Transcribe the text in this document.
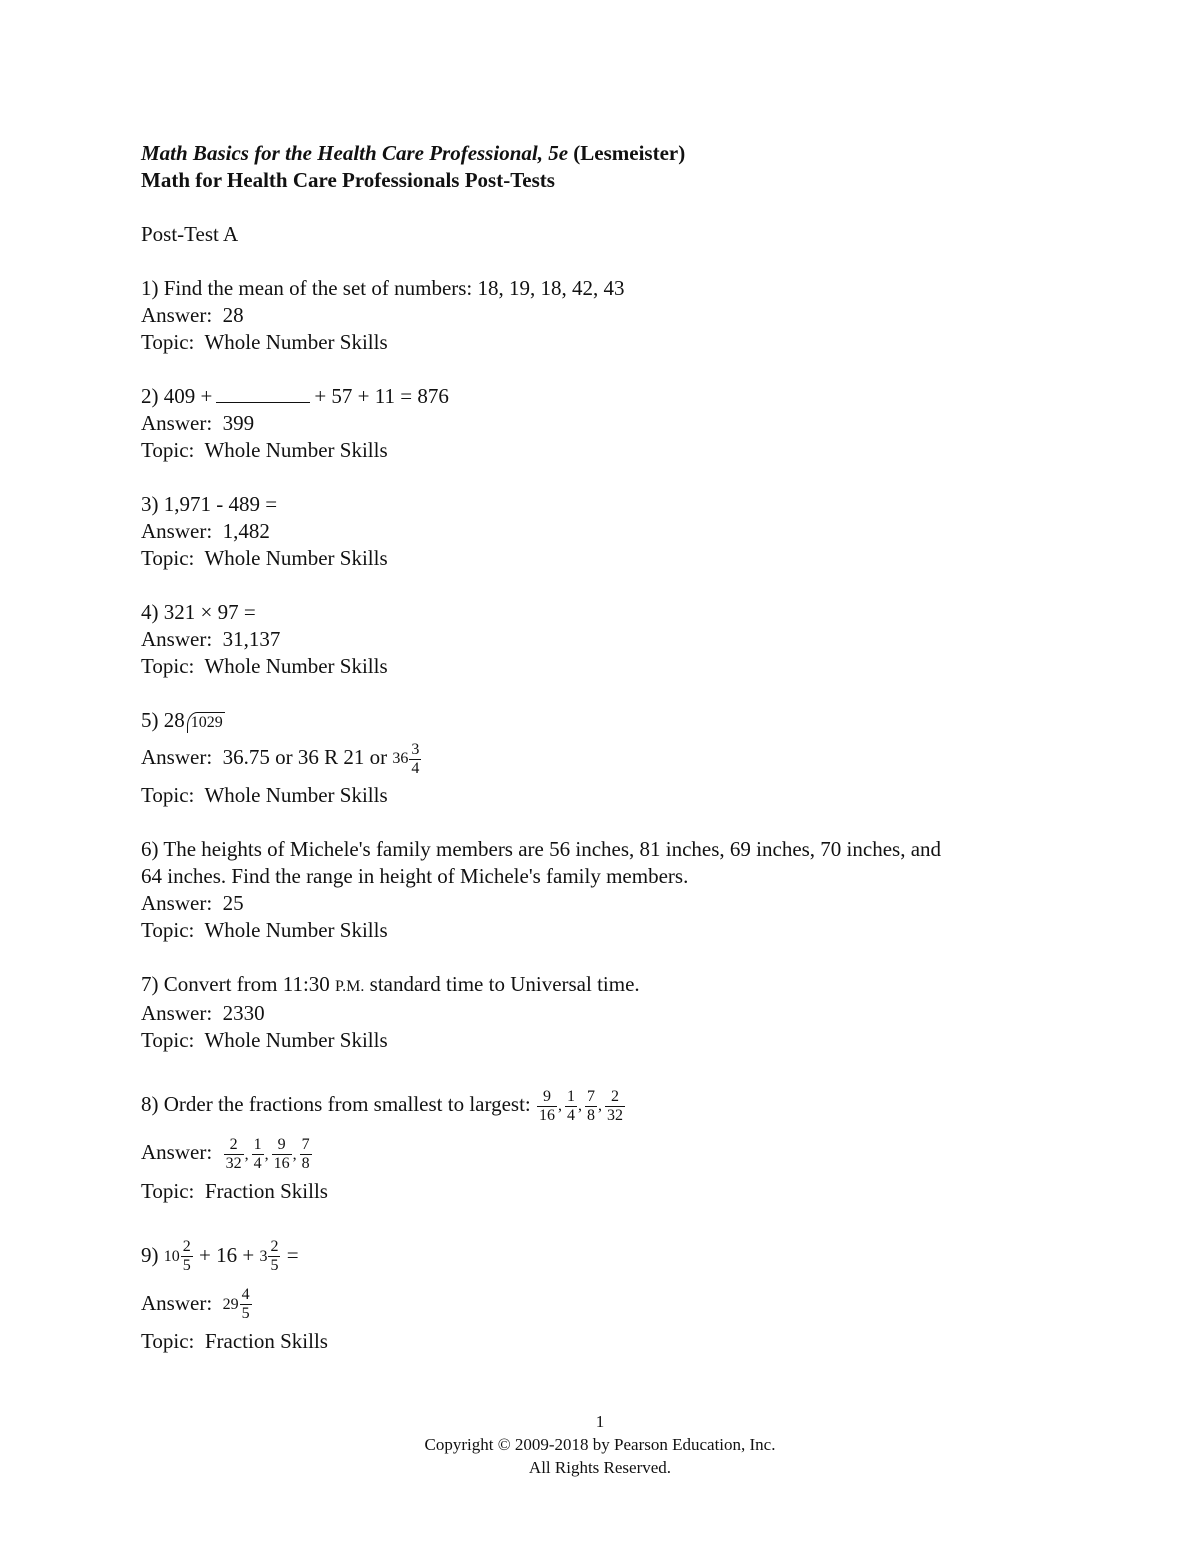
Math Basics for the Health Care Professional, 5e (Lesmeister)
Math for Health Care Professionals Post-Tests
Post-Test A
1) Find the mean of the set of numbers: 18, 19, 18, 42, 43
Answer: 28
Topic: Whole Number Skills
2) 409 +	+ 57 + 11 = 876
Answer: 399
Topic: Whole Number Skills
3) 1,971 - 489 =
Answer: 1,482
Topic: Whole Number Skills
4) 321 × 97 =
Answer: 31,137
Topic: Whole Number Skills
5) 28 1029
Answer: 36.75 or 36 R 21 or $36 \frac{3}{4}$
Topic: Whole Number Skills
6) The heights of Michele's family members are 56 inches, 81 inches, 69 inches, 70 inches, and
64 inches. Find the range in height of Michele's family members.
Answer: 25
Topic: Whole Number Skills
7) Convert from 11:30 P.M. standard time to Universal time.
Answer: 2330
Topic: Whole Number Skills
8) Order the fractions from smallest to largest: $\frac{9}{16}$ , $\frac{1}{4}$ , $\frac{7}{8}$ , $\frac{2}{32}$
Answer: $\frac{2}{32}$ , $\frac{1}{4}$ , $\frac{9}{16}$ , $\frac{7}{8}$
Topic: Fraction Skills
9) $10 \frac{2}{5} + 16 + 3 \frac{2}{5}$ =
Answer: $29 \frac{4}{5}$
Topic: Fraction Skills
1
Copyright © 2009-2018 by Pearson Education, Inc.
All Rights Reserved.
